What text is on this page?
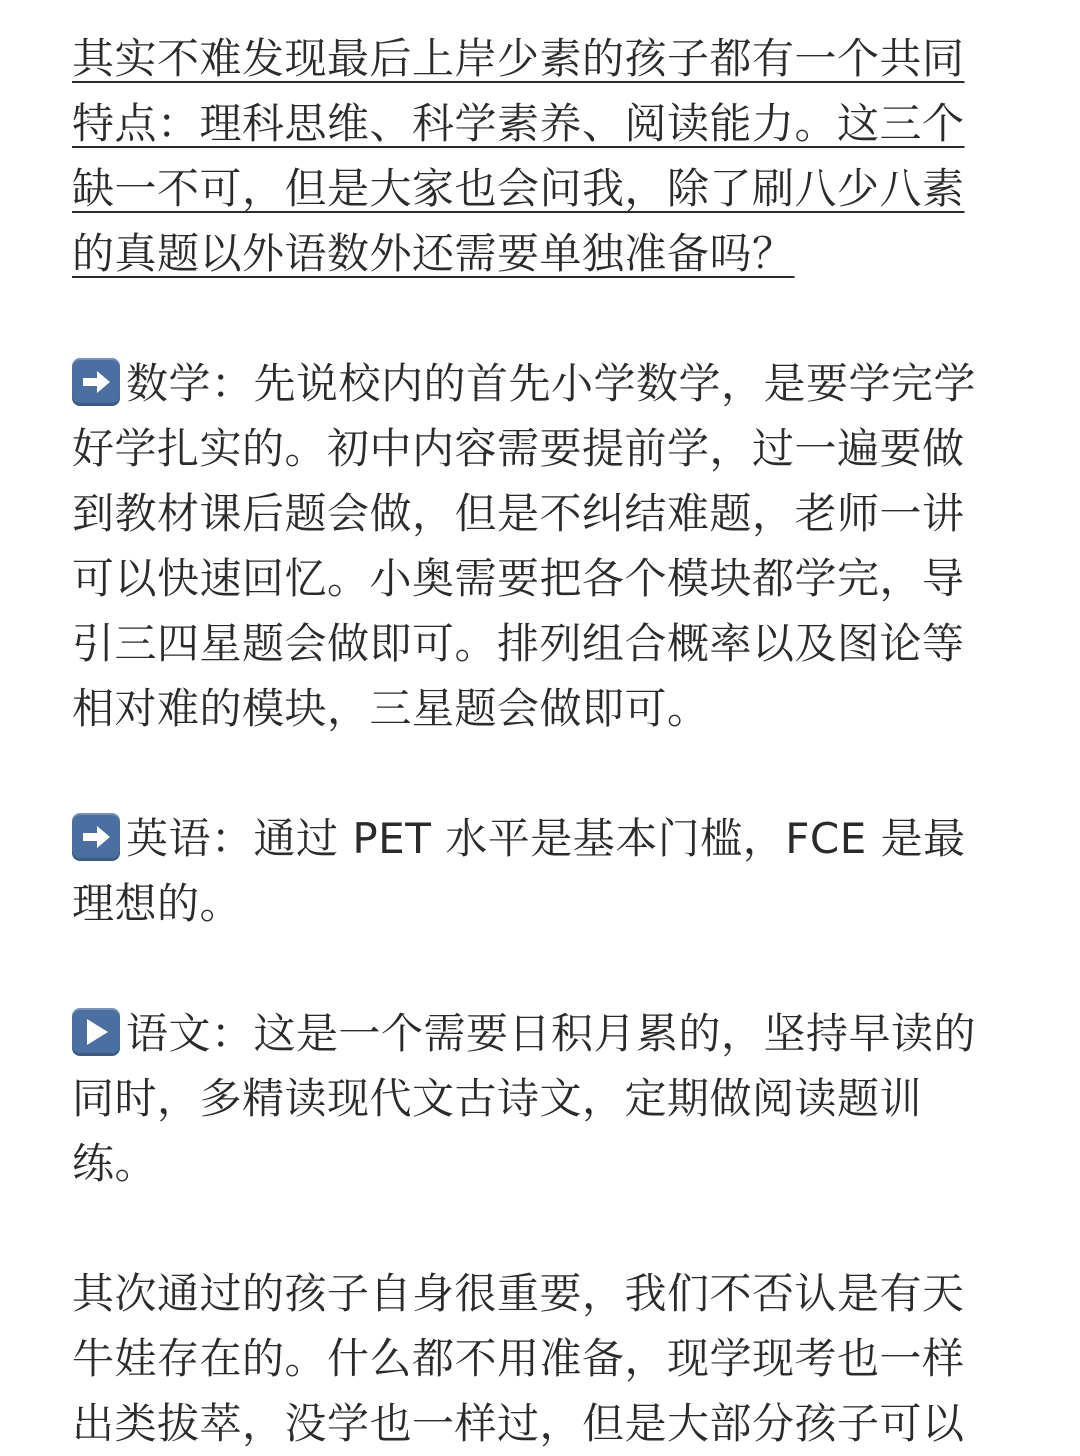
其实不难发现最后上岸少素的孩子都有一个共同特点：理科思维、科学素养、阅读能力。这三个缺一不可，但是大家也会问我，除了刷八少八素的真题以外语数外还需要单独准备吗？

数学：先说校内的首先小学数学，是要学完学好学扎实的。初中内容需要提前学，过一遍要做到教材课后题会做，但是不纠结难题，老师一讲可以快速回忆。小奥需要把各个模块都学完，导引三四星题会做即可。排列组合概率以及图论等相对难的模块，三星题会做即可。

英语：通过 PET 水平是基本门槛，FCE 是最理想的。

语文：这是一个需要日积月累的，坚持早读的同时，多精读现代文古诗文，定期做阅读题训练。

其次通过的孩子自身很重要，我们不否认是有天牛娃存在的。什么都不用准备，现学现考也一样出类拔萃，没学也一样过，但是大部分孩子可以
